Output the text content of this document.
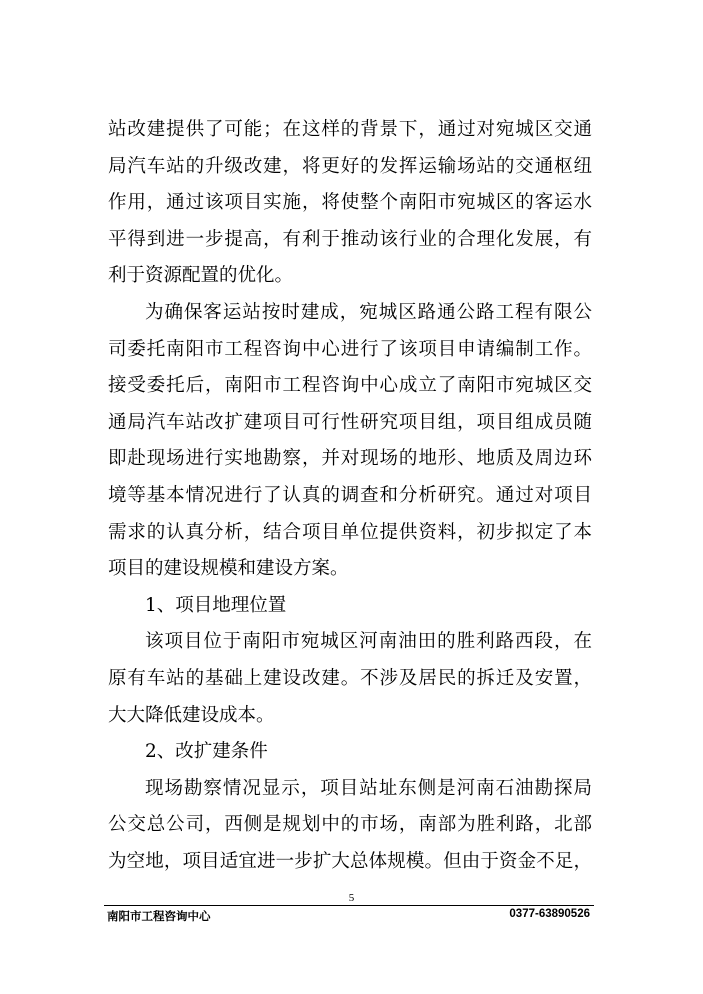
站改建提供了可能；在这样的背景下，通过对宛城区交通
局汽车站的升级改建，将更好的发挥运输场站的交通枢纽
作用，通过该项目实施，将使整个南阳市宛城区的客运水
平得到进一步提高，有利于推动该行业的合理化发展，有
利于资源配置的优化。
为确保客运站按时建成，宛城区路通公路工程有限公
司委托南阳市工程咨询中心进行了该项目申请编制工作。
接受委托后，南阳市工程咨询中心成立了南阳市宛城区交
通局汽车站改扩建项目可行性研究项目组，项目组成员随
即赴现场进行实地勘察，并对现场的地形、地质及周边环
境等基本情况进行了认真的调查和分析研究。通过对项目
需求的认真分析，结合项目单位提供资料，初步拟定了本
项目的建设规模和建设方案。
1、项目地理位置
该项目位于南阳市宛城区河南油田的胜利路西段，在
原有车站的基础上建设改建。不涉及居民的拆迁及安置，
大大降低建设成本。
2、改扩建条件
现场勘察情况显示，项目站址东侧是河南石油勘探局
公交总公司，西侧是规划中的市场，南部为胜利路，北部
为空地，项目适宜进一步扩大总体规模。但由于资金不足，
5
南阳市工程咨询中心	0377-63890526
